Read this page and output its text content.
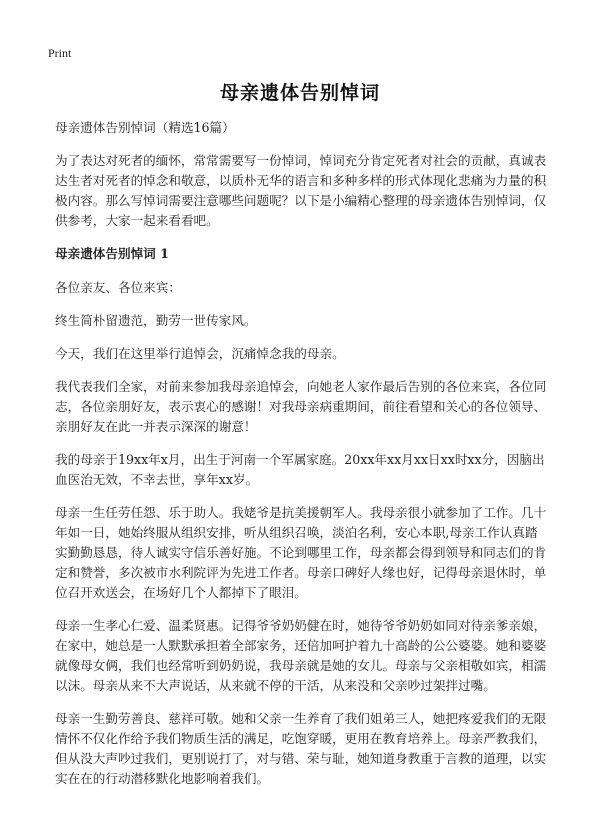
Print
母亲遗体告别悼词

母亲遗体告别悼词（精选16篇）

为了表达对死者的缅怀，常常需要写一份悼词，悼词充分肯定死者对社会的贡献，真诚表达生者对死者的悼念和敬意，以质朴无华的语言和多种多样的形式体现化悲痛为力量的积极内容。那么写悼词需要注意哪些问题呢？以下是小编精心整理的母亲遗体告别悼词，仅供参考，大家一起来看看吧。

母亲遗体告别悼词 1

各位亲友、各位来宾：

终生简朴留遗范，勤劳一世传家风。

今天，我们在这里举行追悼会，沉痛悼念我的母亲。

我代表我们全家，对前来参加我母亲追悼会，向她老人家作最后告别的各位来宾，各位同志，各位亲朋好友，表示衷心的感谢！对我母亲病重期间，前往看望和关心的各位领导、亲朋好友在此一并表示深深的谢意！

我的母亲于19xx年x月，出生于河南一个军属家庭。20xx年xx月xx日xx时xx分，因脑出血医治无效，不幸去世，享年xx岁。

母亲一生任劳任怨、乐于助人。我姥爷是抗美援朝军人。我母亲很小就参加了工作。几十年如一日，她始终服从组织安排，听从组织召唤，淡泊名利，安心本职,母亲工作认真踏实勤勤恳恳，待人诚实守信乐善好施。不论到哪里工作，母亲都会得到领导和同志们的肯定和赞誉，多次被市水利院评为先进工作者。母亲口碑好人缘也好，记得母亲退休时，单位召开欢送会，在场好几个人都掉下了眼泪。

母亲一生孝心仁爱、温柔贤惠。记得爷爷奶奶健在时，她待爷爷奶奶如同对待亲爹亲娘，在家中，她总是一人默默承担着全部家务，还倍加呵护着九十高龄的公公婆婆。她和婆婆就像母女俩，我们也经常听到奶奶说，我母亲就是她的女儿。母亲与父亲相敬如宾，相濡以沫。母亲从来不大声说话，从来就不停的干活，从来没和父亲吵过架拌过嘴。

母亲一生勤劳善良、慈祥可敬。她和父亲一生养育了我们姐弟三人，她把疼爱我们的无限情怀不仅化作给予我们物质生活的满足，吃饱穿暖，更用在教育培养上。母亲严教我们，但从没大声吵过我们，更别说打了，对与错、荣与耻，她知道身教重于言教的道理，以实实在在的行动潜移默化地影响着我们。
